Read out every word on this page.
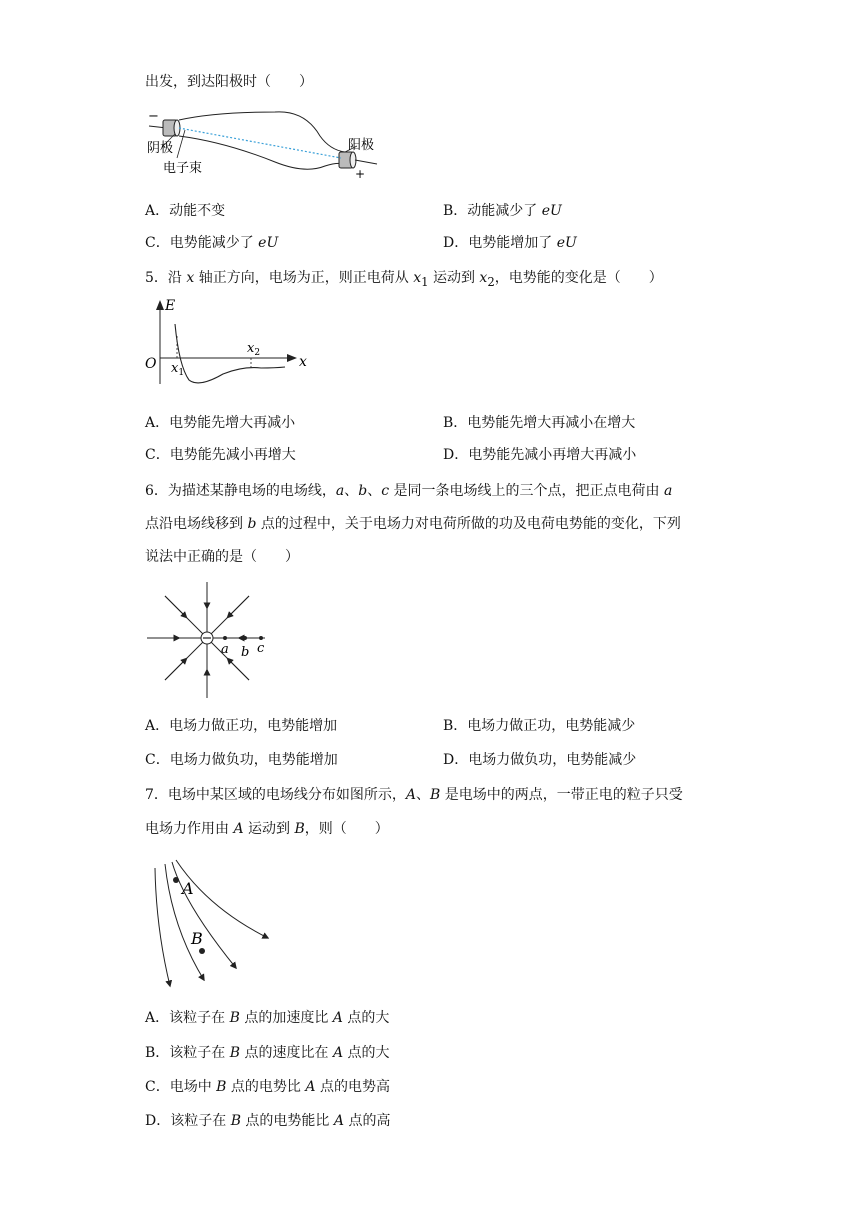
出发，到达阳极时（　　）
−
+
阴极
电子束
阳极
A．动能不变	B．动能减少了 eU
C．电势能减少了 eU	D．电势能增加了 eU
5．沿 x 轴正方向，电场为正，则正电荷从 $x_1$ 运动到 $x_2$，电势能的变化是（　　）
E
x
O $x_1$
$x_2$
A．电势能先增大再减小	B．电势能先增大再减小在增大
C．电势能先减小再增大	D．电势能先减小再增大再减小
6．为描述某静电场的电场线，a、b、c 是同一条电场线上的三个点，把正点电荷由 a
点沿电场线移到 b 点的过程中，关于电场力对电荷所做的功及电荷电势能的变化，下列
说法中正确的是（　　）
a b c
A．电场力做正功，电势能增加	B．电场力做正功，电势能减少
C．电场力做负功，电势能增加	D．电场力做负功，电势能减少
7．电场中某区域的电场线分布如图所示，A、B 是电场中的两点，一带正电的粒子只受
电场力作用由 A 运动到 B，则（　　）
A
B
A．该粒子在 B 点的加速度比 A 点的大
B．该粒子在 B 点的速度比在 A 点的大
C．电场中 B 点的电势比 A 点的电势高
D．该粒子在 B 点的电势能比 A 点的高
